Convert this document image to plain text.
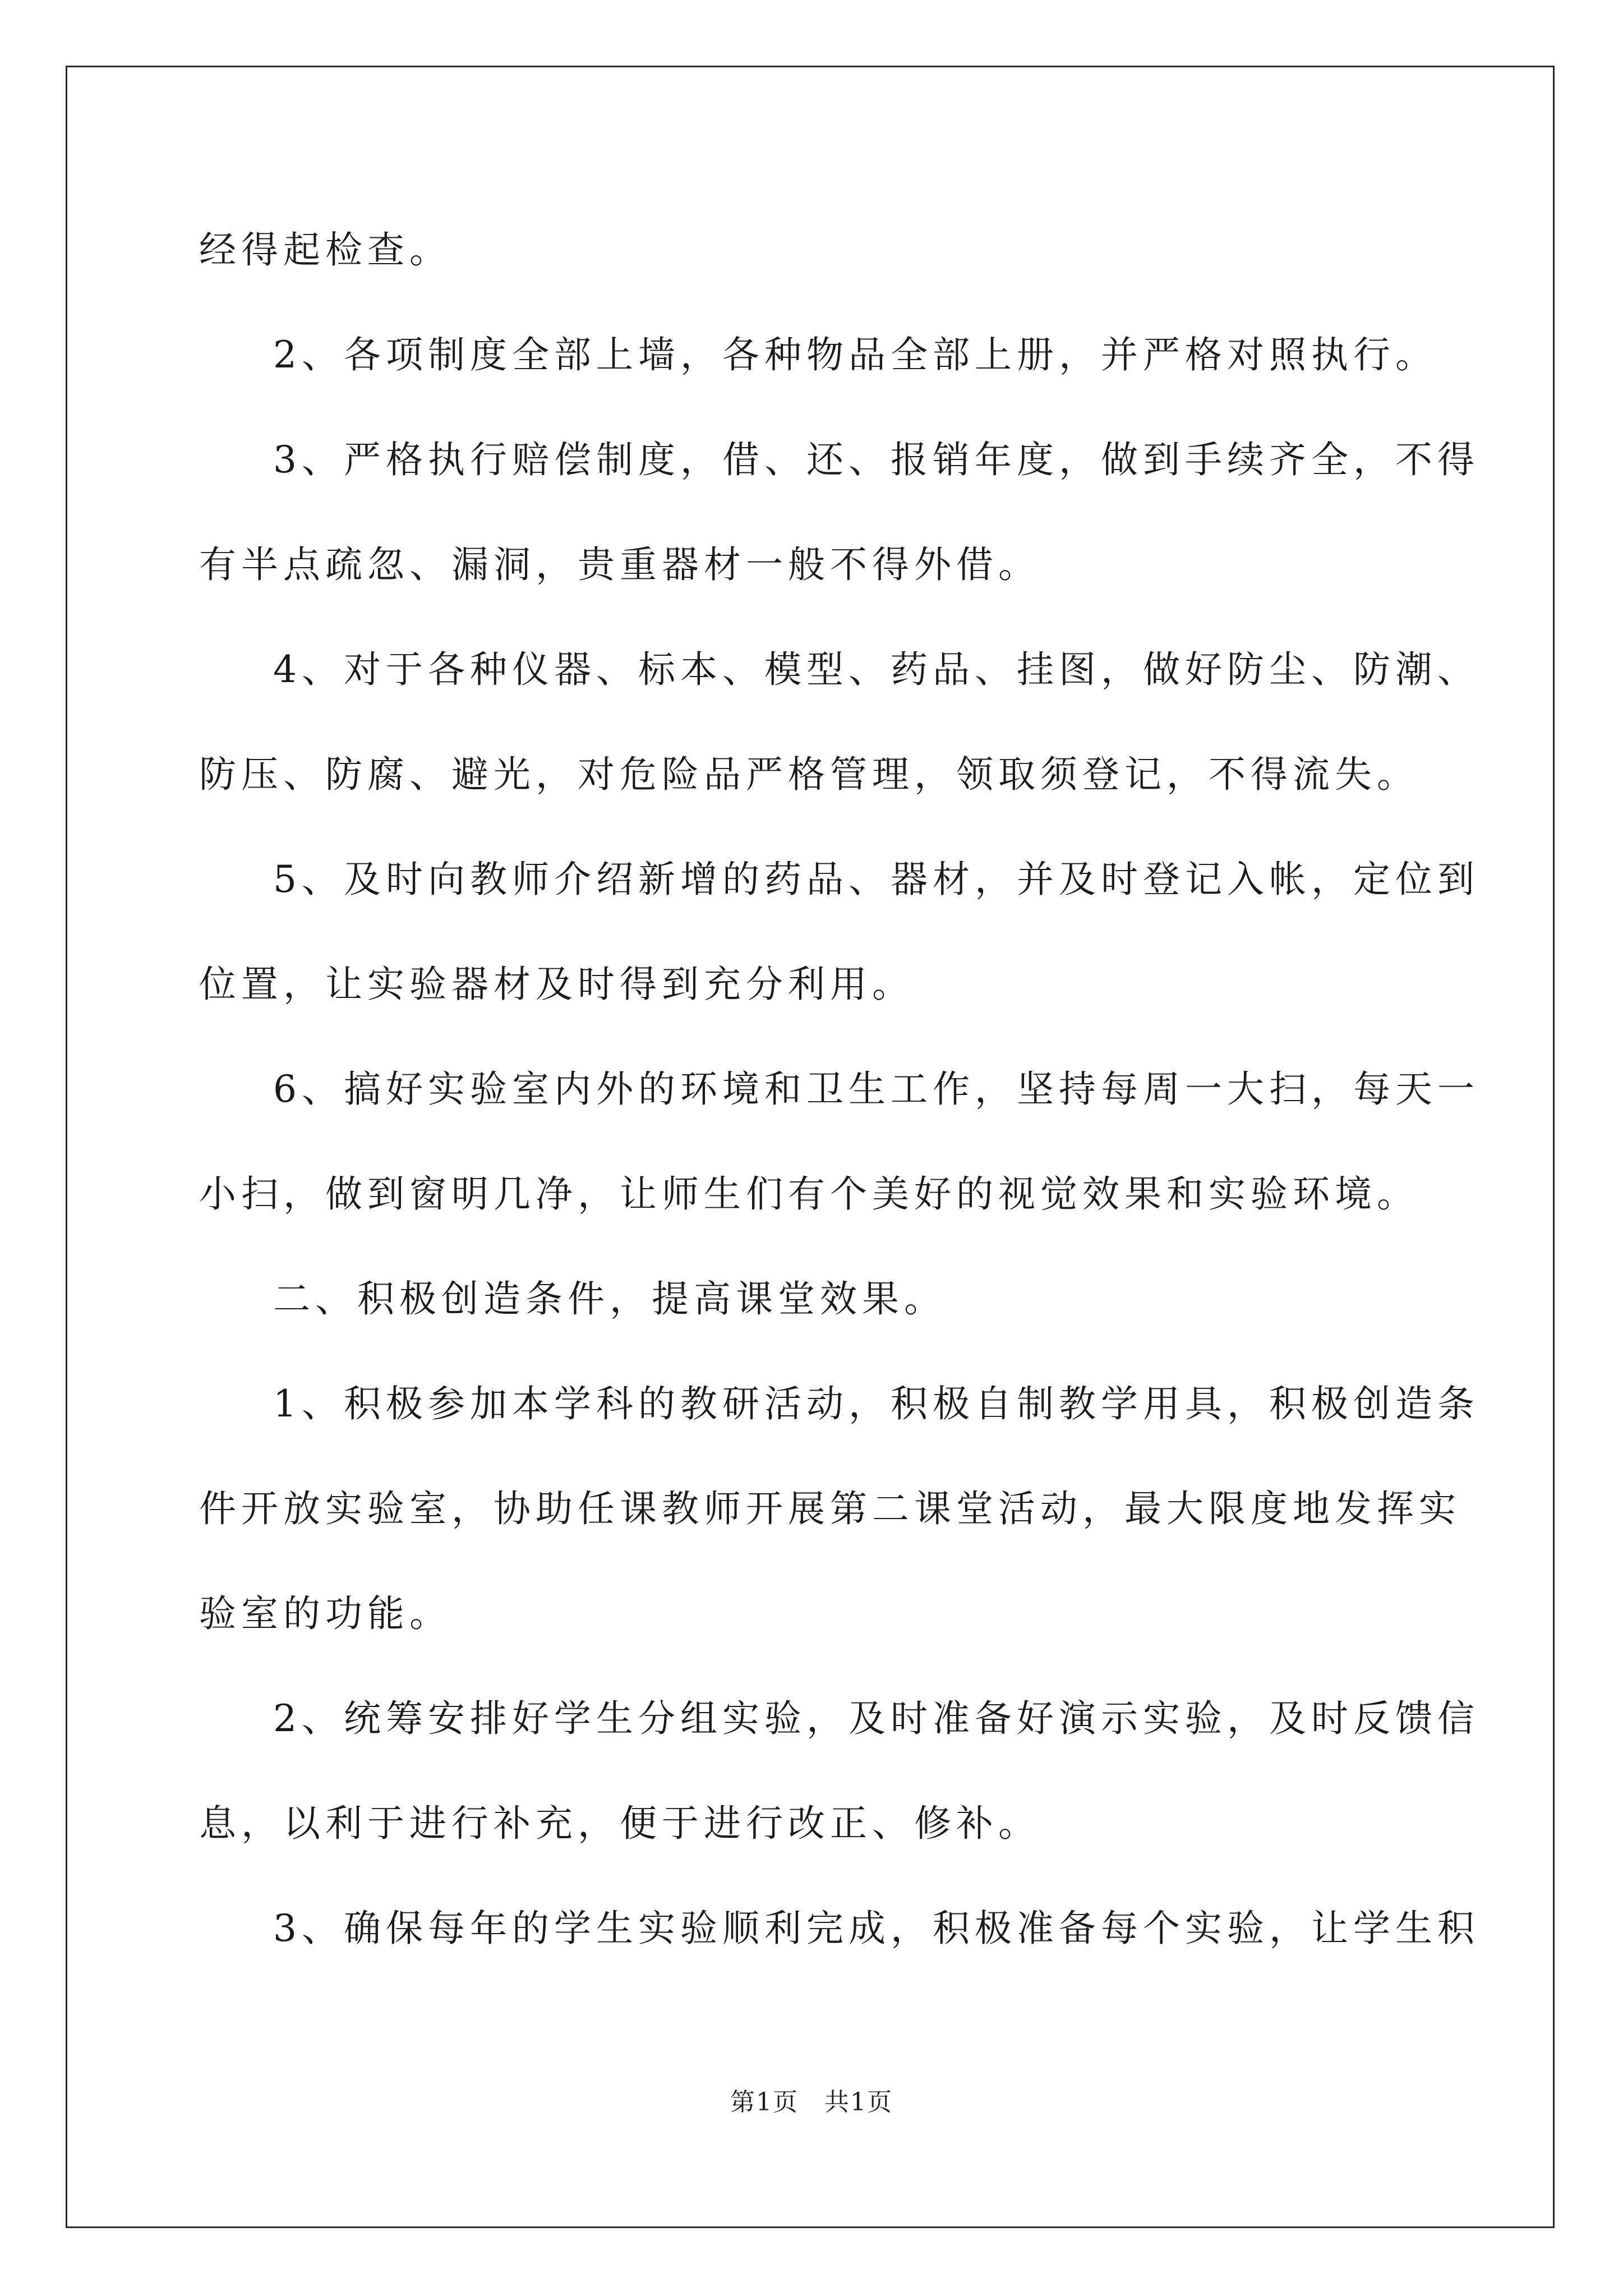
经得起检查。
2、各项制度全部上墙，各种物品全部上册，并严格对照执行。
3、严格执行赔偿制度，借、还、报销年度，做到手续齐全，不得
有半点疏忽、漏洞，贵重器材一般不得外借。
4、对于各种仪器、标本、模型、药品、挂图，做好防尘、防潮、
防压、防腐、避光，对危险品严格管理，领取须登记，不得流失。
5、及时向教师介绍新增的药品、器材，并及时登记入帐，定位到
位置，让实验器材及时得到充分利用。
6、搞好实验室内外的环境和卫生工作，坚持每周一大扫，每天一
小扫，做到窗明几净，让师生们有个美好的视觉效果和实验环境。
二、积极创造条件，提高课堂效果。
1、积极参加本学科的教研活动，积极自制教学用具，积极创造条
件开放实验室，协助任课教师开展第二课堂活动，最大限度地发挥实
验室的功能。
2、统筹安排好学生分组实验，及时准备好演示实验，及时反馈信
息，以利于进行补充，便于进行改正、修补。
3、确保每年的学生实验顺利完成，积极准备每个实验，让学生积
第1页　共1页
